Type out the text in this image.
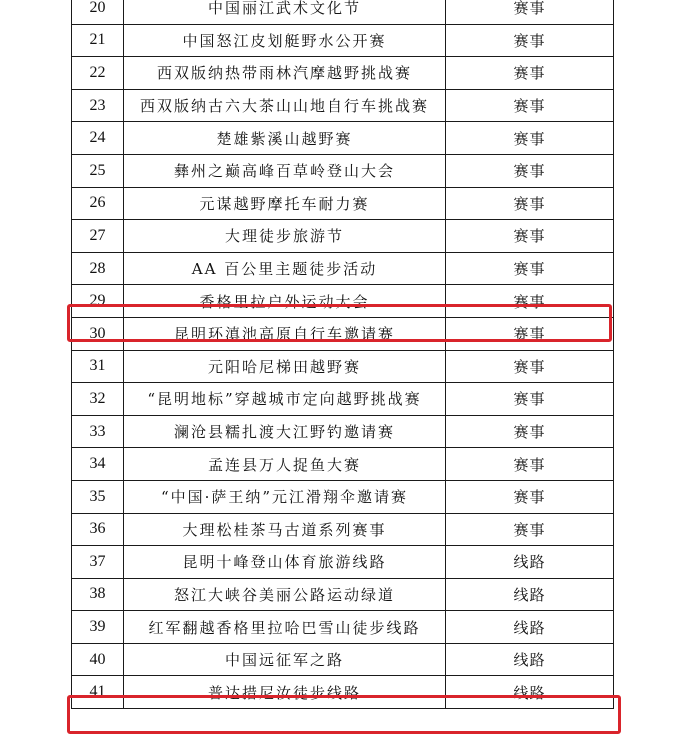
20	中国丽江武术文化节	赛事
21	中国怒江皮划艇野水公开赛	赛事
22	西双版纳热带雨林汽摩越野挑战赛	赛事
23	西双版纳古六大茶山山地自行车挑战赛	赛事
24	楚雄紫溪山越野赛	赛事
25	彝州之巅高峰百草岭登山大会	赛事
26	元谋越野摩托车耐力赛	赛事
27	大理徒步旅游节	赛事
28	AA 百公里主题徒步活动	赛事
29	香格里拉户外运动大会	赛事
30	昆明环滇池高原自行车邀请赛	赛事
31	元阳哈尼梯田越野赛	赛事
32	“昆明地标”穿越城市定向越野挑战赛	赛事
33	澜沧县糯扎渡大江野钓邀请赛	赛事
34	孟连县万人捉鱼大赛	赛事
35	“中国·萨王纳”元江滑翔伞邀请赛	赛事
36	大理松桂茶马古道系列赛事	赛事
37	昆明十峰登山体育旅游线路	线路
38	怒江大峡谷美丽公路运动绿道	线路
39	红军翻越香格里拉哈巴雪山徒步线路	线路
40	中国远征军之路	线路
41	普达措尼汝徒步线路	线路
